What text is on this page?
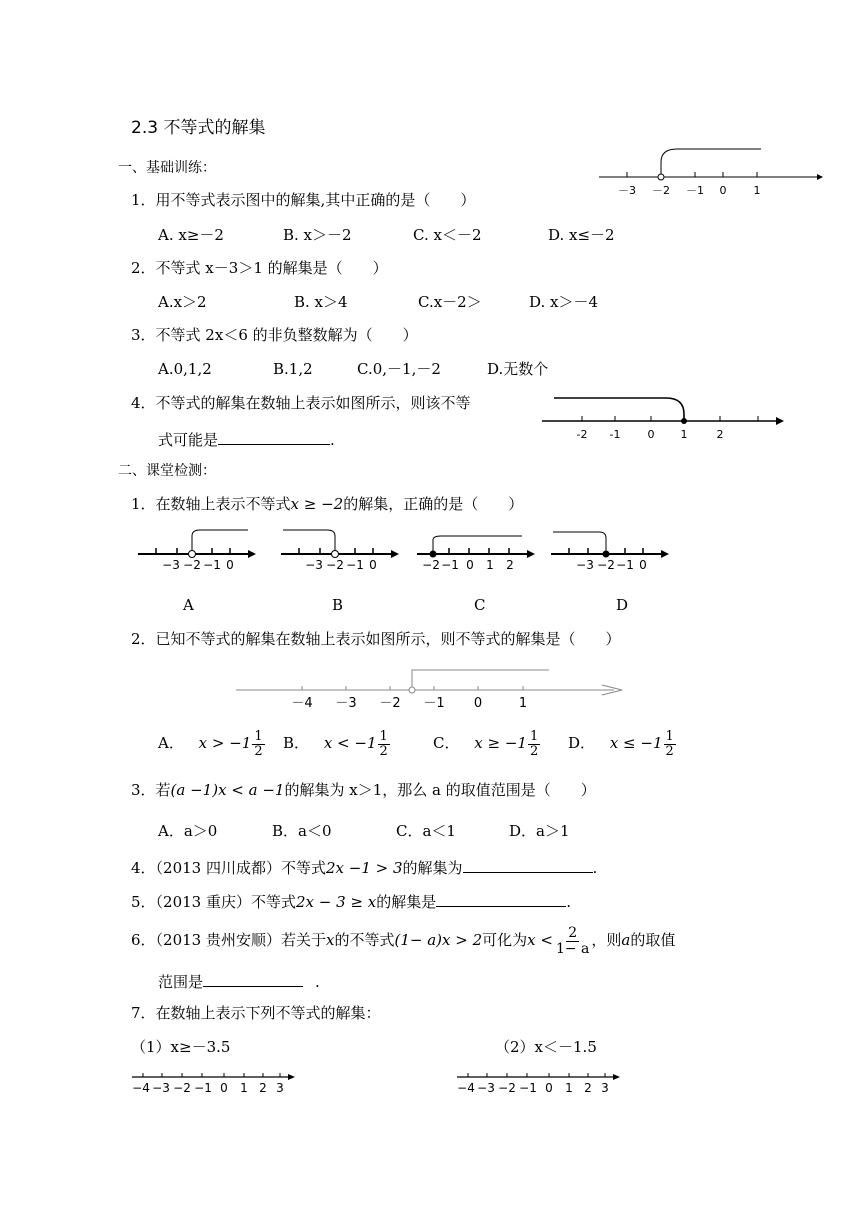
2.3 不等式的解集
一、基础训练：
1．用不等式表示图中的解集,其中正确的是（　　）
A. x≥－2	B. x＞－2	C. x＜－2	D. x≤－2
－3 －2 －1 0 1
2．不等式 x－3＞1 的解集是（　　）
A.x＞2	B. x＞4	C.x－2＞	D. x＞－4
3．不等式 2x＜6 的非负整数解为（　　）
A.0,1,2	B.1,2	C.0,－1,－2	D.无数个
4．不等式的解集在数轴上表示如图所示，则该不等
式可能是	.	-2 -1 0 1	2
二、课堂检测：
1．在数轴上表示不等式x ≥ −2的解集，正确的是（　　）
−3 −2 −1 0	−3 −2 −1 0	−2 −1 0 1 2	−3 −2 −1 0
A	B	C	D
2．已知不等式的解集在数轴上表示如图所示，则不等式的解集是（　　）
－4 －3 －2 －1 0	1
A． $x > -1 \frac{1}{2}$ B． $x < -1 \frac{1}{2}$	C． $x \ge -1 \frac{1}{2}$ D． $x \le -1 \frac{1}{2}$
3．若(a −1)x < a −1的解集为 x＞1，那么 a 的取值范围是（　　）
A．a＞0	B．a＜0	C．a＜1	D．a＞1
4．（2013 四川成都）不等式2x −1 > 3的解集为	.
5．（2013 重庆）不等式2x − 3 ≥ x的解集是	.
6．（2013 贵州安顺）若关于x的不等式(1− a)x > 2可化为$x < \frac{2}{1- a}$ ，则a的取值
范围是	.
7．在数轴上表示下列不等式的解集：
（1）x≥－3.5	（2）x＜－1.5
−4 −3 −2 −1 0 1 2 3	−4 −3 −2 −1 0 1 2 3
